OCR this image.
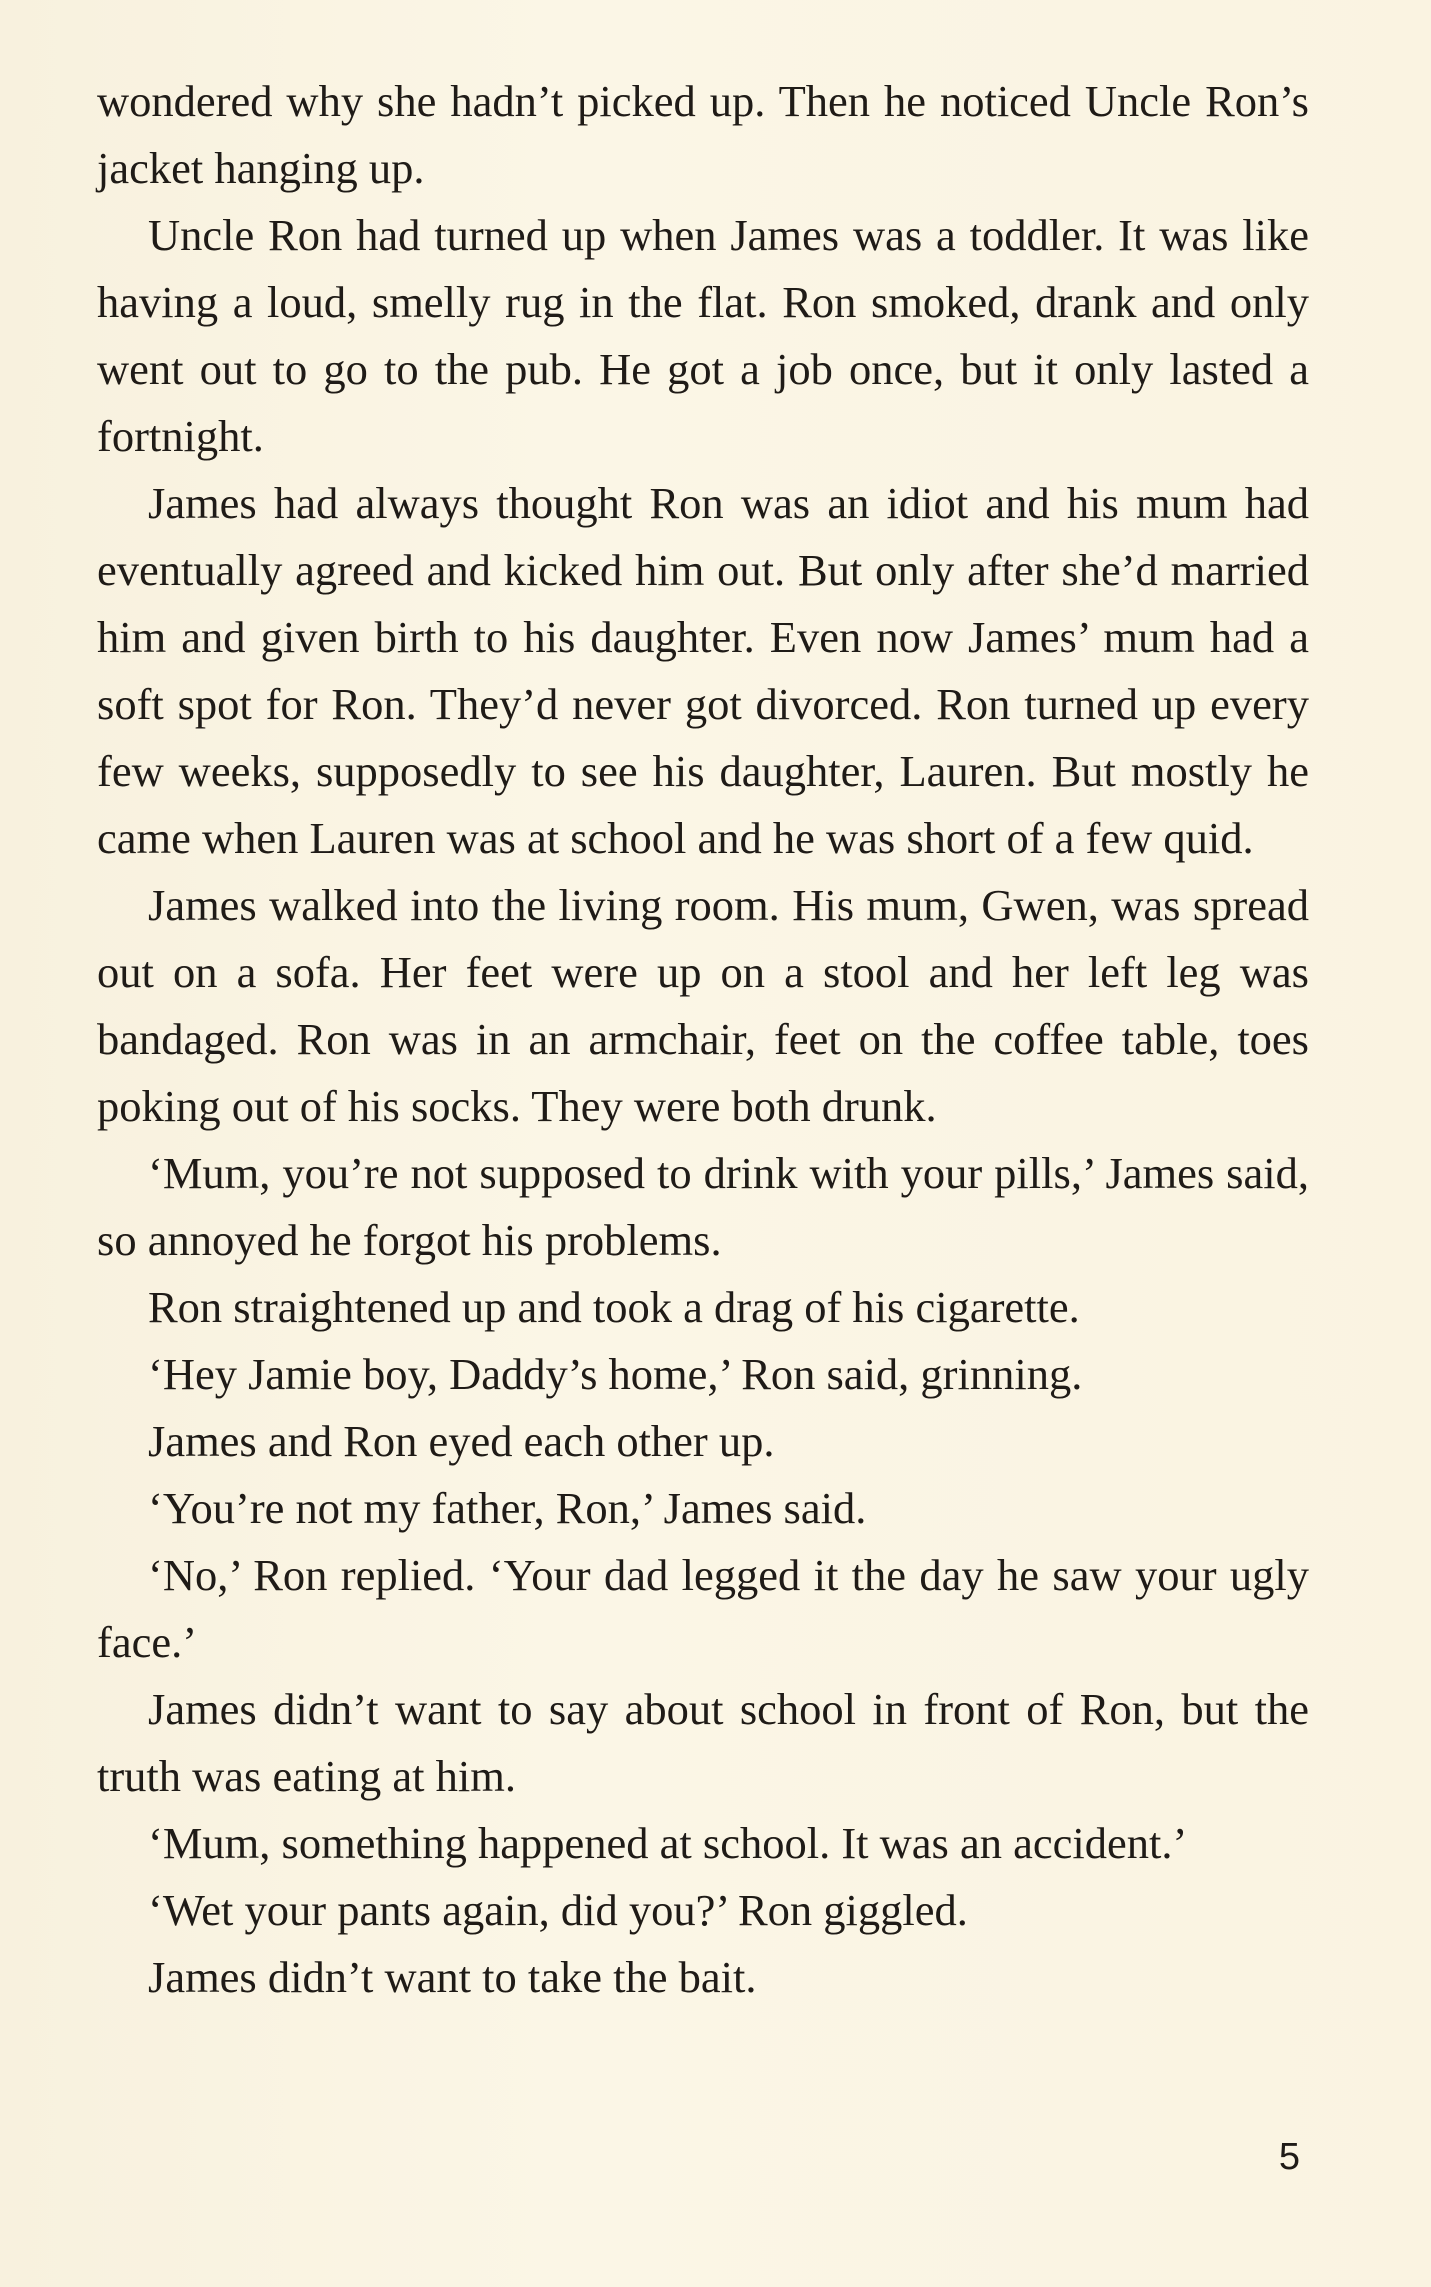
wondered why she hadn’t picked up. Then he noticed Uncle Ron’s jacket hanging up.

Uncle Ron had turned up when James was a toddler. It was like having a loud, smelly rug in the flat. Ron smoked, drank and only went out to go to the pub. He got a job once, but it only lasted a fortnight.

James had always thought Ron was an idiot and his mum had eventually agreed and kicked him out. But only after she’d married him and given birth to his daughter. Even now James’ mum had a soft spot for Ron. They’d never got divorced. Ron turned up every few weeks, supposedly to see his daughter, Lauren. But mostly he came when Lauren was at school and he was short of a few quid.

James walked into the living room. His mum, Gwen, was spread out on a sofa. Her feet were up on a stool and her left leg was bandaged. Ron was in an armchair, feet on the coffee table, toes poking out of his socks. They were both drunk.

‘Mum, you’re not supposed to drink with your pills,’ James said, so annoyed he forgot his problems.

Ron straightened up and took a drag of his cigarette.

‘Hey Jamie boy, Daddy’s home,’ Ron said, grinning.

James and Ron eyed each other up.

‘You’re not my father, Ron,’ James said.

‘No,’ Ron replied. ‘Your dad legged it the day he saw your ugly face.’

James didn’t want to say about school in front of Ron, but the truth was eating at him.

‘Mum, something happened at school. It was an accident.’

‘Wet your pants again, did you?’ Ron giggled.

James didn’t want to take the bait.

5
